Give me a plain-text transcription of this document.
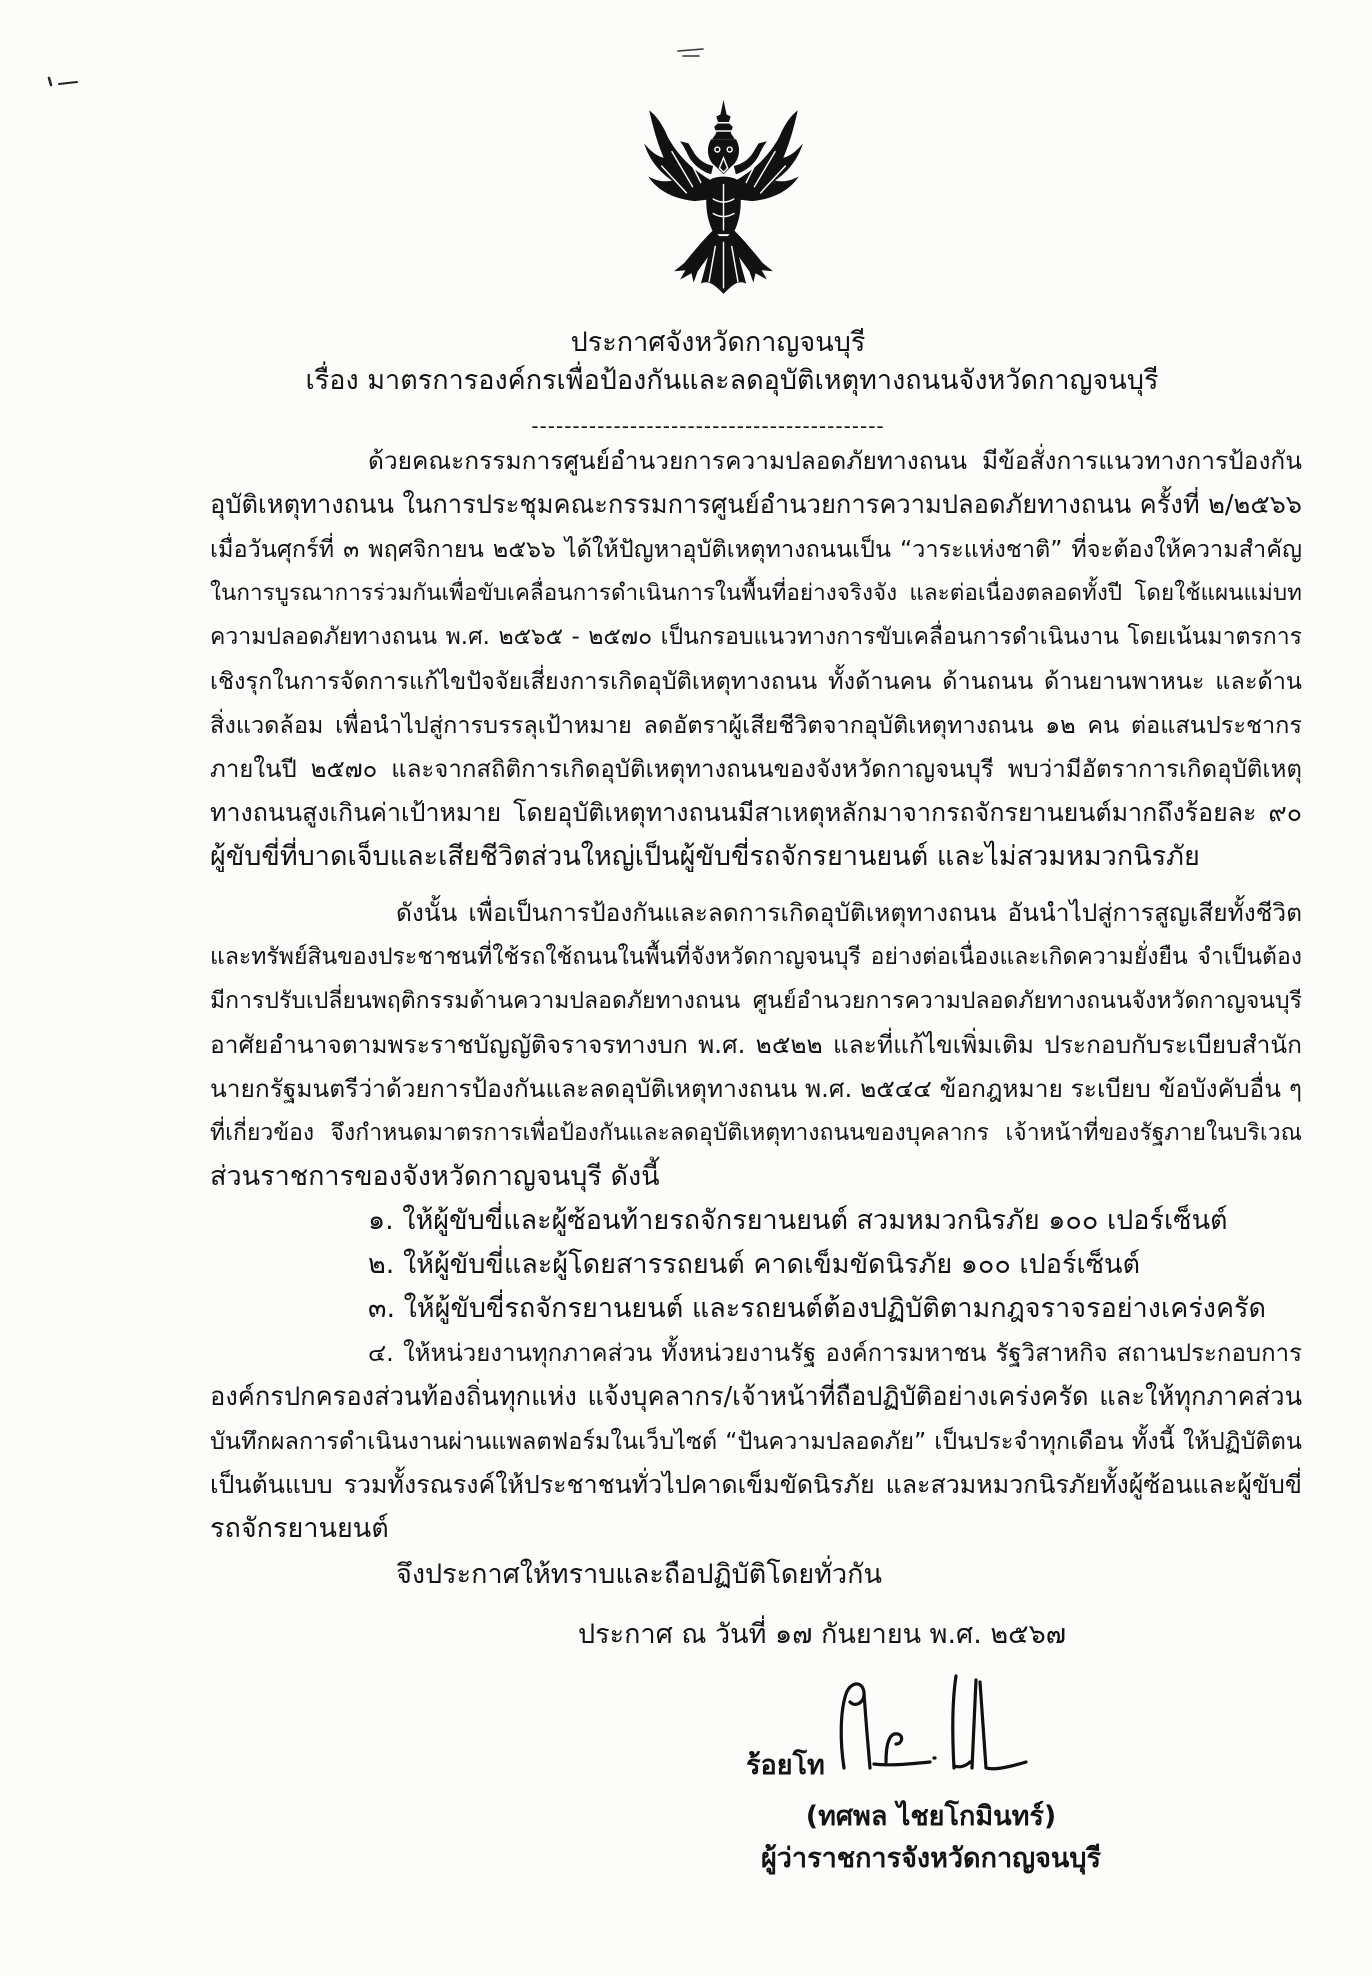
ประกาศจังหวัดกาญจนบุรี
เรื่อง มาตรการองค์กรเพื่อป้องกันและลดอุบัติเหตุทางถนนจังหวัดกาญจนบุรี
-------------------------------------------
ด้วยคณะกรรมการศูนย์อำนวยการความปลอดภัยทางถนน มีข้อสั่งการแนวทางการป้องกัน
อุบัติเหตุทางถนน ในการประชุมคณะกรรมการศูนย์อำนวยการความปลอดภัยทางถนน ครั้งที่ ๒/๒๕๖๖
เมื่อวันศุกร์ที่ ๓ พฤศจิกายน ๒๕๖๖ ได้ให้ปัญหาอุบัติเหตุทางถนนเป็น “วาระแห่งชาติ” ที่จะต้องให้ความสำคัญ
ในการบูรณาการร่วมกันเพื่อขับเคลื่อนการดำเนินการในพื้นที่อย่างจริงจัง และต่อเนื่องตลอดทั้งปี โดยใช้แผนแม่บท
ความปลอดภัยทางถนน พ.ศ. ๒๕๖๕ - ๒๕๗๐ เป็นกรอบแนวทางการขับเคลื่อนการดำเนินงาน โดยเน้นมาตรการ
เชิงรุกในการจัดการแก้ไขปัจจัยเสี่ยงการเกิดอุบัติเหตุทางถนน ทั้งด้านคน ด้านถนน ด้านยานพาหนะ และด้าน
สิ่งแวดล้อม เพื่อนำไปสู่การบรรลุเป้าหมาย ลดอัตราผู้เสียชีวิตจากอุบัติเหตุทางถนน ๑๒ คน ต่อแสนประชากร
ภายในปี ๒๕๗๐ และจากสถิติการเกิดอุบัติเหตุทางถนนของจังหวัดกาญจนบุรี พบว่ามีอัตราการเกิดอุบัติเหตุ
ทางถนนสูงเกินค่าเป้าหมาย โดยอุบัติเหตุทางถนนมีสาเหตุหลักมาจากรถจักรยานยนต์มากถึงร้อยละ ๙๐
ผู้ขับขี่ที่บาดเจ็บและเสียชีวิตส่วนใหญ่เป็นผู้ขับขี่รถจักรยานยนต์ และไม่สวมหมวกนิรภัย
ดังนั้น เพื่อเป็นการป้องกันและลดการเกิดอุบัติเหตุทางถนน อันนำไปสู่การสูญเสียทั้งชีวิต
และทรัพย์สินของประชาชนที่ใช้รถใช้ถนนในพื้นที่จังหวัดกาญจนบุรี อย่างต่อเนื่องและเกิดความยั่งยืน จำเป็นต้อง
มีการปรับเปลี่ยนพฤติกรรมด้านความปลอดภัยทางถนน ศูนย์อำนวยการความปลอดภัยทางถนนจังหวัดกาญจนบุรี
อาศัยอำนาจตามพระราชบัญญัติจราจรทางบก พ.ศ. ๒๕๒๒ และที่แก้ไขเพิ่มเติม ประกอบกับระเบียบสำนัก
นายกรัฐมนตรีว่าด้วยการป้องกันและลดอุบัติเหตุทางถนน พ.ศ. ๒๕๔๔ ข้อกฎหมาย ระเบียบ ข้อบังคับอื่น ๆ
ที่เกี่ยวข้อง จึงกำหนดมาตรการเพื่อป้องกันและลดอุบัติเหตุทางถนนของบุคลากร เจ้าหน้าที่ของรัฐภายในบริเวณ
ส่วนราชการของจังหวัดกาญจนบุรี ดังนี้
๑. ให้ผู้ขับขี่และผู้ซ้อนท้ายรถจักรยานยนต์ สวมหมวกนิรภัย ๑๐๐ เปอร์เซ็นต์
๒. ให้ผู้ขับขี่และผู้โดยสารรถยนต์ คาดเข็มขัดนิรภัย ๑๐๐ เปอร์เซ็นต์
๓. ให้ผู้ขับขี่รถจักรยานยนต์ และรถยนต์ต้องปฏิบัติตามกฎจราจรอย่างเคร่งครัด
๔. ให้หน่วยงานทุกภาคส่วน ทั้งหน่วยงานรัฐ องค์การมหาชน รัฐวิสาหกิจ สถานประกอบการ
องค์กรปกครองส่วนท้องถิ่นทุกแห่ง แจ้งบุคลากร/เจ้าหน้าที่ถือปฏิบัติอย่างเคร่งครัด และให้ทุกภาคส่วน
บันทึกผลการดำเนินงานผ่านแพลตฟอร์มในเว็บไซต์ “ปันความปลอดภัย” เป็นประจำทุกเดือน ทั้งนี้ ให้ปฏิบัติตน
เป็นต้นแบบ รวมทั้งรณรงค์ให้ประชาชนทั่วไปคาดเข็มขัดนิรภัย และสวมหมวกนิรภัยทั้งผู้ซ้อนและผู้ขับขี่
รถจักรยานยนต์
จึงประกาศให้ทราบและถือปฏิบัติโดยทั่วกัน
ประกาศ ณ วันที่ ๑๗ กันยายน พ.ศ. ๒๕๖๗
ร้อยโท
(ทศพล ไชยโกมินทร์)
ผู้ว่าราชการจังหวัดกาญจนบุรี
